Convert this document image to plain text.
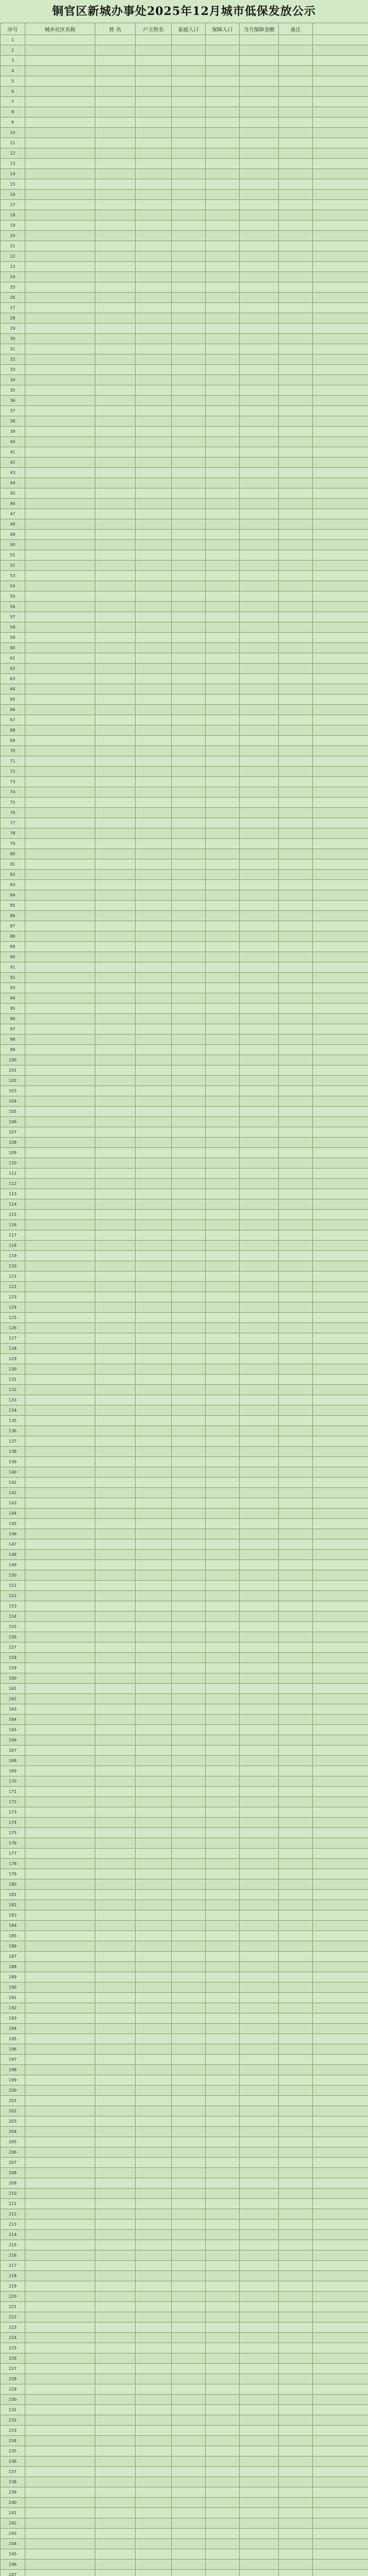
铜官区新城办事处2025年12月城市低保发放公示
序号	城乡社区名称	姓 名	户主姓名	家庭人口	保障人口	当月保障金额	备注	
1								
2								
3								
4								
5								
6								
7								
8								
9								
10								
11								
12								
13								
14								
15								
16								
17								
18								
19								
20								
21								
22								
23								
24								
25								
26								
27								
28								
29								
30								
31								
32								
33								
34								
35								
36								
37								
38								
39								
40								
41								
42								
43								
44								
45								
46								
47								
48								
49								
50								
51								
52								
53								
54								
55								
56								
57								
58								
59								
60								
61								
62								
63								
64								
65								
66								
67								
68								
69								
70								
71								
72								
73								
74								
75								
76								
77								
78								
79								
80								
81								
82								
83								
84								
85								
86								
87								
88								
89								
90								
91								
92								
93								
94								
95								
96								
97								
98								
99								
100								
101								
102								
103								
104								
105								
106								
107								
108								
109								
110								
111								
112								
113								
114								
115								
116								
117								
118								
119								
120								
121								
122								
123								
124								
125								
126								
127								
128								
129								
130								
131								
132								
133								
134								
135								
136								
137								
138								
139								
140								
141								
142								
143								
144								
145								
146								
147								
148								
149								
150								
151								
152								
153								
154								
155								
156								
157								
158								
159								
160								
161								
162								
163								
164								
165								
166								
167								
168								
169								
170								
171								
172								
173								
174								
175								
176								
177								
178								
179								
180								
181								
182								
183								
184								
185								
186								
187								
188								
189								
190								
191								
192								
193								
194								
195								
196								
197								
198								
199								
200								
201								
202								
203								
204								
205								
206								
207								
208								
209								
210								
211								
212								
213								
214								
215								
216								
217								
218								
219								
220								
221								
222								
223								
224								
225								
226								
227								
228								
229								
230								
231								
232								
233								
234								
235								
236								
237								
238								
239								
240								
241								
242								
243								
244								
245								
246								
247								
